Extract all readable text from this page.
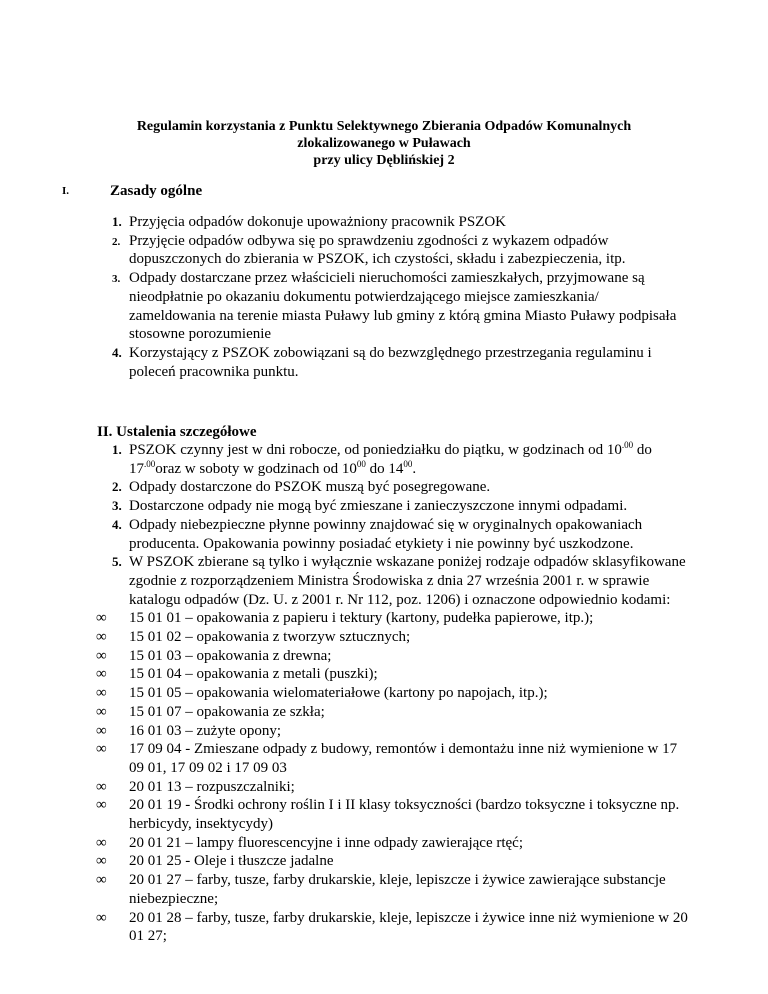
Regulamin korzystania z Punktu Selektywnego Zbierania Odpadów Komunalnych
zlokalizowanego w Puławach
przy ulicy Dęblińskiej 2
I.	Zasady ogólne
1. Przyjęcia odpadów dokonuje upoważniony pracownik PSZOK
2. Przyjęcie odpadów odbywa się po sprawdzeniu zgodności z wykazem odpadów dopuszczonych do zbierania w PSZOK, ich czystości, składu i zabezpieczenia, itp.
3. Odpady dostarczane przez właścicieli nieruchomości zamieszkałych, przyjmowane są nieodpłatnie po okazaniu dokumentu potwierdzającego miejsce zamieszkania/ zameldowania na terenie miasta Puławy lub gminy z którą gmina Miasto Puławy podpisała stosowne porozumienie
4. Korzystający z PSZOK zobowiązani są do bezwzględnego przestrzegania regulaminu i poleceń pracownika punktu.
II. Ustalenia szczegółowe
1. PSZOK czynny jest w dni robocze, od poniedziałku do piątku, w godzinach od $10^{.00}$ do $17^{.00}oraz$ w soboty w godzinach od $10^{00}$ do $14^{00}$.
2. Odpady dostarczone do PSZOK muszą być posegregowane.
3. Dostarczone odpady nie mogą być zmieszane i zanieczyszczone innymi odpadami.
4. Odpady niebezpieczne płynne powinny znajdować się w oryginalnych opakowaniach producenta. Opakowania powinny posiadać etykiety i nie powinny być uszkodzone.
5. W PSZOK zbierane są tylko i wyłącznie wskazane poniżej rodzaje odpadów sklasyfikowane zgodnie z rozporządzeniem Ministra Środowiska z dnia 27 września 2001 r. w sprawie katalogu odpadów (Dz. U. z 2001 r. Nr 112, poz. 1206) i oznaczone odpowiednio kodami:
∞ 15 01 01 – opakowania z papieru i tektury (kartony, pudełka papierowe, itp.);
∞ 15 01 02 – opakowania z tworzyw sztucznych;
∞ 15 01 03 – opakowania z drewna;
∞ 15 01 04 – opakowania z metali (puszki);
∞ 15 01 05 – opakowania wielomateriałowe (kartony po napojach, itp.);
∞ 15 01 07 – opakowania ze szkła;
∞ 16 01 03 – zużyte opony;
∞ 17 09 04 - Zmieszane odpady z budowy, remontów i demontażu inne niż wymienione w 17 09 01, 17 09 02 i 17 09 03
∞ 20 01 13 – rozpuszczalniki;
∞ 20 01 19 - Środki ochrony roślin I i II klasy toksyczności (bardzo toksyczne i toksyczne np. herbicydy, insektycydy)
∞ 20 01 21 – lampy fluorescencyjne i inne odpady zawierające rtęć;
∞ 20 01 25 - Oleje i tłuszcze jadalne
∞ 20 01 27 – farby, tusze, farby drukarskie, kleje, lepiszcze i żywice zawierające substancje niebezpieczne;
∞ 20 01 28 – farby, tusze, farby drukarskie, kleje, lepiszcze i żywice inne niż wymienione w 20 01 27;
